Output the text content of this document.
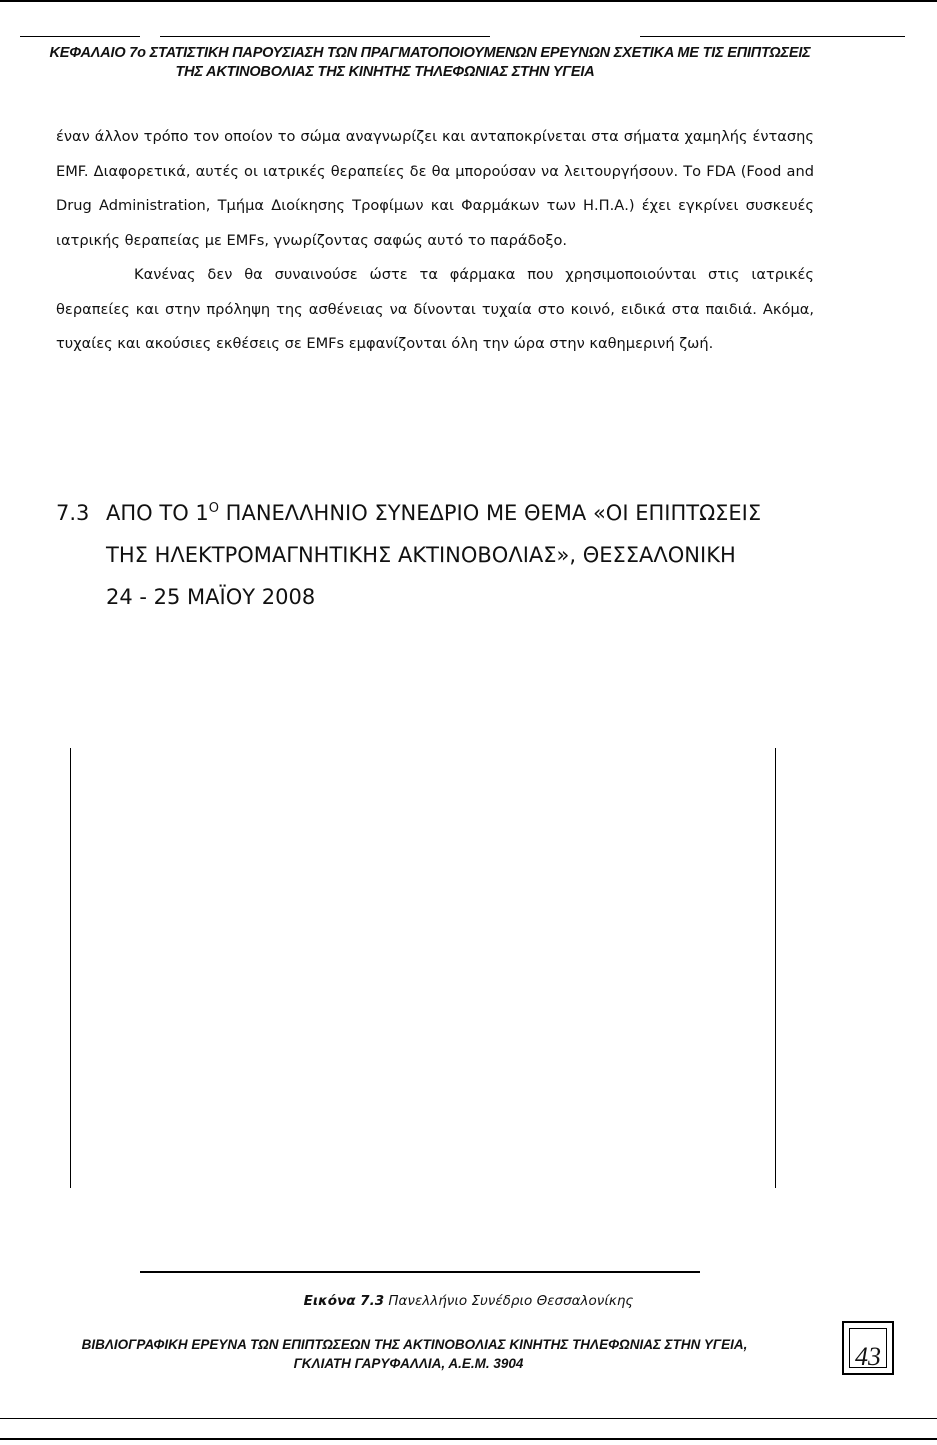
ΚΕΦΑΛΑΙΟ 7ο ΣΤΑΤΙΣΤΙΚΗ ΠΑΡΟΥΣΙΑΣΗ ΤΩΝ ΠΡΑΓΜΑΤΟΠΟΙΟΥΜΕΝΩΝ ΕΡΕΥΝΩΝ ΣΧΕΤΙΚΑ ΜΕ ΤΙΣ ΕΠΙΠΤΩΣΕΙΣ
ΤΗΣ ΑΚΤΙΝΟΒΟΛΙΑΣ ΤΗΣ ΚΙΝΗΤΗΣ ΤΗΛΕΦΩΝΙΑΣ ΣΤΗΝ ΥΓΕΙΑ

έναν άλλον τρόπο τον οποίον το σώμα αναγνωρίζει και ανταποκρίνεται στα σήματα χαμηλής έντασης EMF. Διαφορετικά, αυτές οι ιατρικές θεραπείες δε θα μπορούσαν να λειτουργήσουν. Το FDA (Food and Drug Administration, Τμήμα Διοίκησης Τροφίμων και Φαρμάκων των Η.Π.Α.) έχει εγκρίνει συσκευές ιατρικής θεραπείας με EMFs, γνωρίζοντας σαφώς αυτό το παράδοξο.

Κανένας δεν θα συναινούσε ώστε τα φάρμακα που χρησιμοποιούνται στις ιατρικές θεραπείες και στην πρόληψη της ασθένειας να δίνονται τυχαία στο κοινό, ειδικά στα παιδιά. Ακόμα, τυχαίες και ακούσιες εκθέσεις σε EMFs εμφανίζονται όλη την ώρα στην καθημερινή ζωή.

7.3 ΑΠΟ ΤΟ $1^O$ ΠΑΝΕΛΛΗΝΙΟ ΣΥΝΕΔΡΙΟ ΜΕ ΘΕΜΑ «ΟΙ ΕΠΙΠΤΩΣΕΙΣ
ΤΗΣ ΗΛΕΚΤΡΟΜΑΓΝΗΤΙΚΗΣ ΑΚΤΙΝΟΒΟΛΙΑΣ», ΘΕΣΣΑΛΟΝΙΚΗ
24 - 25 ΜΑΪΟΥ 2008

Εικόνα 7.3 Πανελλήνιο Συνέδριο Θεσσαλονίκης

ΒΙΒΛΙΟΓΡΑΦΙΚΗ ΕΡΕΥΝΑ ΤΩΝ ΕΠΙΠΤΩΣΕΩΝ ΤΗΣ ΑΚΤΙΝΟΒΟΛΙΑΣ ΚΙΝΗΤΗΣ ΤΗΛΕΦΩΝΙΑΣ ΣΤΗΝ ΥΓΕΙΑ,
ΓΚΛΙΑΤΗ ΓΑΡΥΦΑΛΛΙΑ, Α.Ε.Μ. 3904	43
